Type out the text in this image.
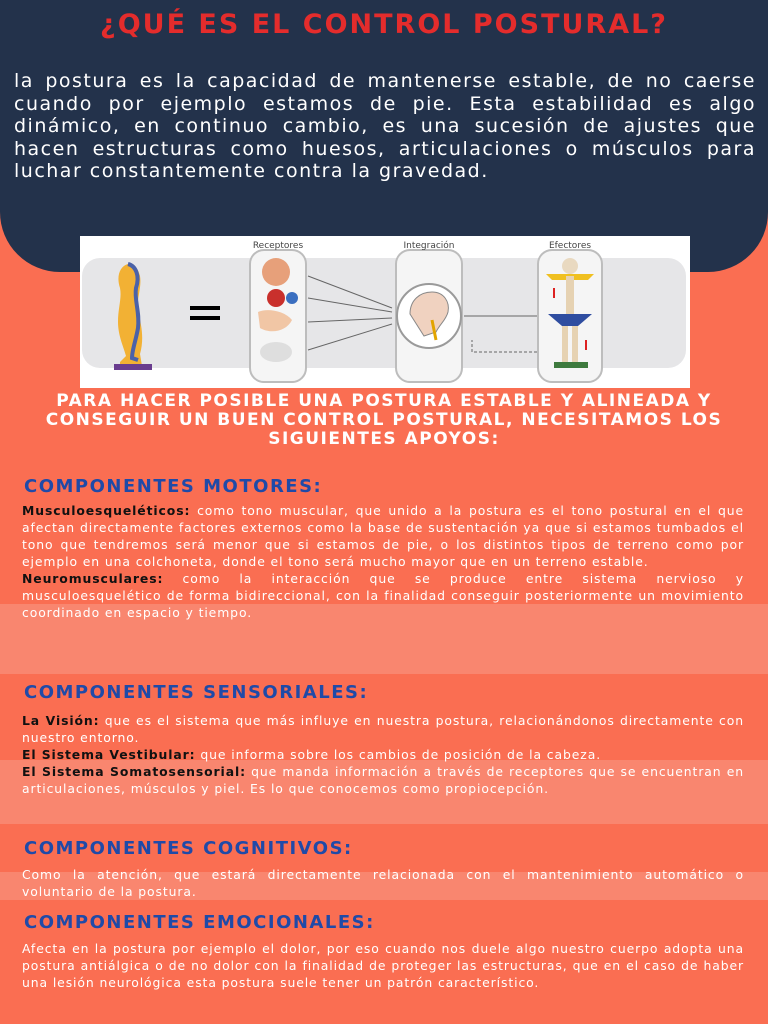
¿QUÉ ES EL CONTROL POSTURAL?
la postura es la capacidad de mantenerse estable, de no caerse cuando por ejemplo estamos de pie. Esta estabilidad es algo dinámico, en continuo cambio, es una sucesión de ajustes que hacen estructuras como huesos, articulaciones o músculos para luchar constantemente contra la gravedad.
Receptores	Integración	Efectores
PARA HACER POSIBLE UNA POSTURA ESTABLE Y ALINEADA Y CONSEGUIR UN BUEN CONTROL POSTURAL, NECESITAMOS LOS SIGUIENTES APOYOS:
COMPONENTES MOTORES:

Musculoesqueléticos: como tono muscular, que unido a la postura es el tono postural en el que afectan directamente factores externos como la base de sustentación ya que si estamos tumbados el tono que tendremos será menor que si estamos de pie, o los distintos tipos de terreno como por ejemplo en una colchoneta, donde el tono será mucho mayor que en un terreno estable.

Neuromusculares: como la interacción que se produce entre sistema nervioso y musculoesquelético de forma bidireccional, con la finalidad conseguir posteriormente un movimiento coordinado en espacio y tiempo.

COMPONENTES SENSORIALES:

La Visión: que es el sistema que más influye en nuestra postura, relacionándonos directamente con nuestro entorno.

El Sistema Vestibular: que informa sobre los cambios de posición de la cabeza.

El Sistema Somatosensorial: que manda información a través de receptores que se encuentran en articulaciones, músculos y piel. Es lo que conocemos como propiocepción.

COMPONENTES COGNITIVOS:
Como la atención, que estará directamente relacionada con el mantenimiento automático o voluntario de la postura.
COMPONENTES EMOCIONALES:
Afecta en la postura por ejemplo el dolor, por eso cuando nos duele algo nuestro cuerpo adopta una postura antiálgica o de no dolor con la finalidad de proteger las estructuras, que en el caso de haber una lesión neurológica esta postura suele tener un patrón característico.
